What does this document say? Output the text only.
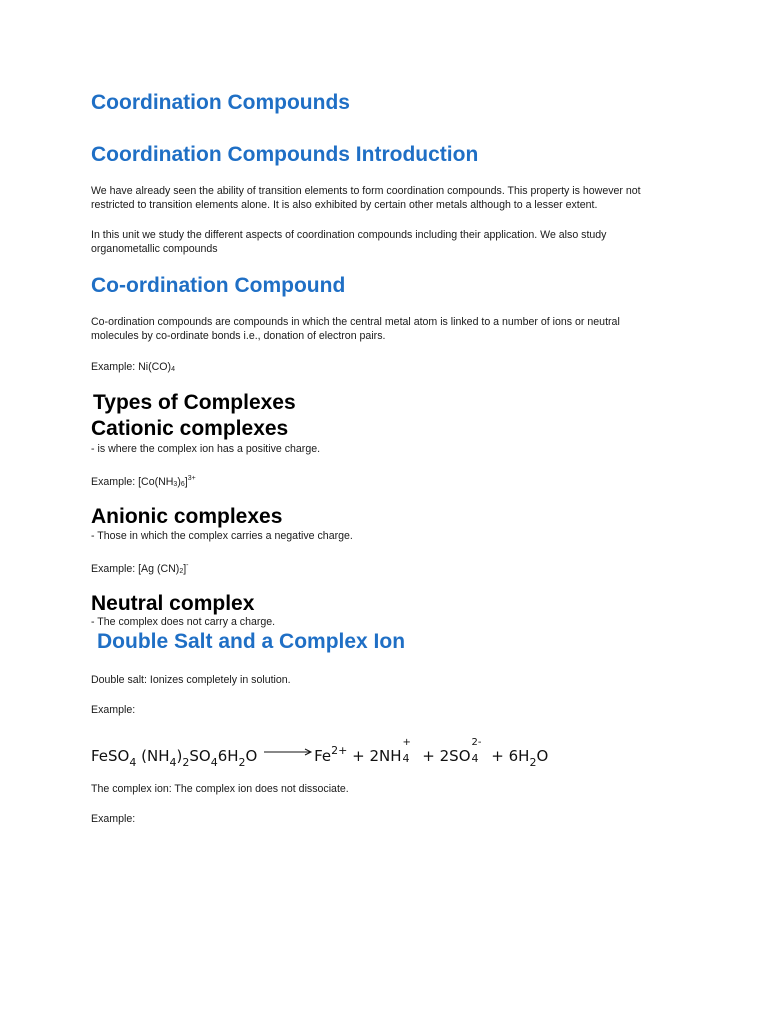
Coordination Compounds
Coordination Compounds Introduction
We have already seen the ability of transition elements to form coordination compounds. This property is however not
restricted to transition elements alone. It is also exhibited by certain other metals although to a lesser extent.
In this unit we study the different aspects of coordination compounds including their application. We also study
organometallic compounds
Co-ordination Compound
Co-ordination compounds are compounds in which the central metal atom is linked to a number of ions or neutral
molecules by co-ordinate bonds i.e., donation of electron pairs.
Example: Ni(CO)4
Types of Complexes
Cationic complexes
- is where the complex ion has a positive charge.
Example: $[Co(NH3)6]^{3+}$
Anionic complexes
- Those in which the complex carries a negative charge.
Example: [Ag (CN)2]-
Neutral complex
- The complex does not carry a charge.
Double Salt and a Complex Ion
Double salt: Ionizes completely in solution.
Example:
FeSO$_4$ $(NH_4)_2SO_46H_2O \to Fe^{2+} + 2NH$
+
4 + 2SO
2-
$4 + 6H_2O$
The complex ion: The complex ion does not dissociate.
Example:
